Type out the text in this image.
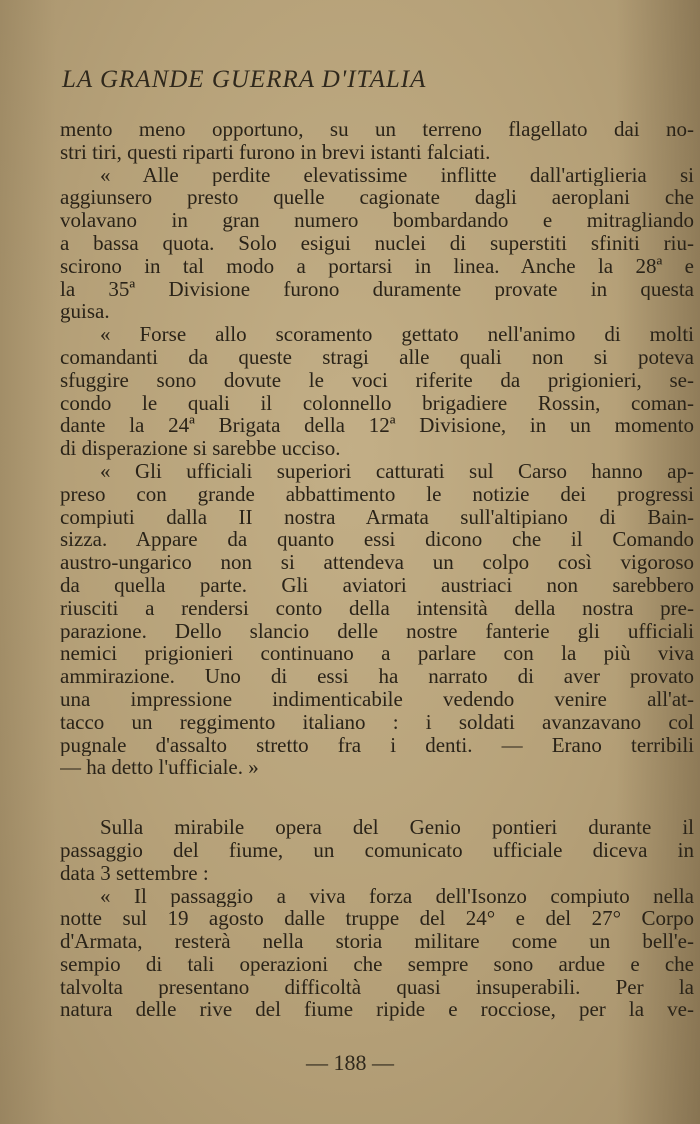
LA GRANDE GUERRA D'ITALIA
mento meno opportuno, su un terreno flagellato dai no-
stri tiri, questi riparti furono in brevi istanti falciati.
« Alle perdite elevatissime inflitte dall'artiglieria si
aggiunsero presto quelle cagionate dagli aeroplani che
volavano in gran numero bombardando e mitragliando
a bassa quota. Solo esigui nuclei di superstiti sfiniti riu-
scirono in tal modo a portarsi in linea. Anche la 28ª e
la 35ª Divisione furono duramente provate in questa
guisa.
« Forse allo scoramento gettato nell'animo di molti
comandanti da queste stragi alle quali non si poteva
sfuggire sono dovute le voci riferite da prigionieri, se-
condo le quali il colonnello brigadiere Rossin, coman-
dante la 24ª Brigata della 12ª Divisione, in un momento
di disperazione si sarebbe ucciso.
« Gli ufficiali superiori catturati sul Carso hanno ap-
preso con grande abbattimento le notizie dei progressi
compiuti dalla II nostra Armata sull'altipiano di Bain-
sizza. Appare da quanto essi dicono che il Comando
austro-ungarico non si attendeva un colpo così vigoroso
da quella parte. Gli aviatori austriaci non sarebbero
riusciti a rendersi conto della intensità della nostra pre-
parazione. Dello slancio delle nostre fanterie gli ufficiali
nemici prigionieri continuano a parlare con la più viva
ammirazione. Uno di essi ha narrato di aver provato
una impressione indimenticabile vedendo venire all'at-
tacco un reggimento italiano : i soldati avanzavano col
pugnale d'assalto stretto fra i denti. — Erano terribili
— ha detto l'ufficiale. »
Sulla mirabile opera del Genio pontieri durante il
passaggio del fiume, un comunicato ufficiale diceva in
data 3 settembre :
« Il passaggio a viva forza dell'Isonzo compiuto nella
notte sul 19 agosto dalle truppe del 24° e del 27° Corpo
d'Armata, resterà nella storia militare come un bell'e-
sempio di tali operazioni che sempre sono ardue e che
talvolta presentano difficoltà quasi insuperabili. Per la
natura delle rive del fiume ripide e rocciose, per la ve-
— 188 —
